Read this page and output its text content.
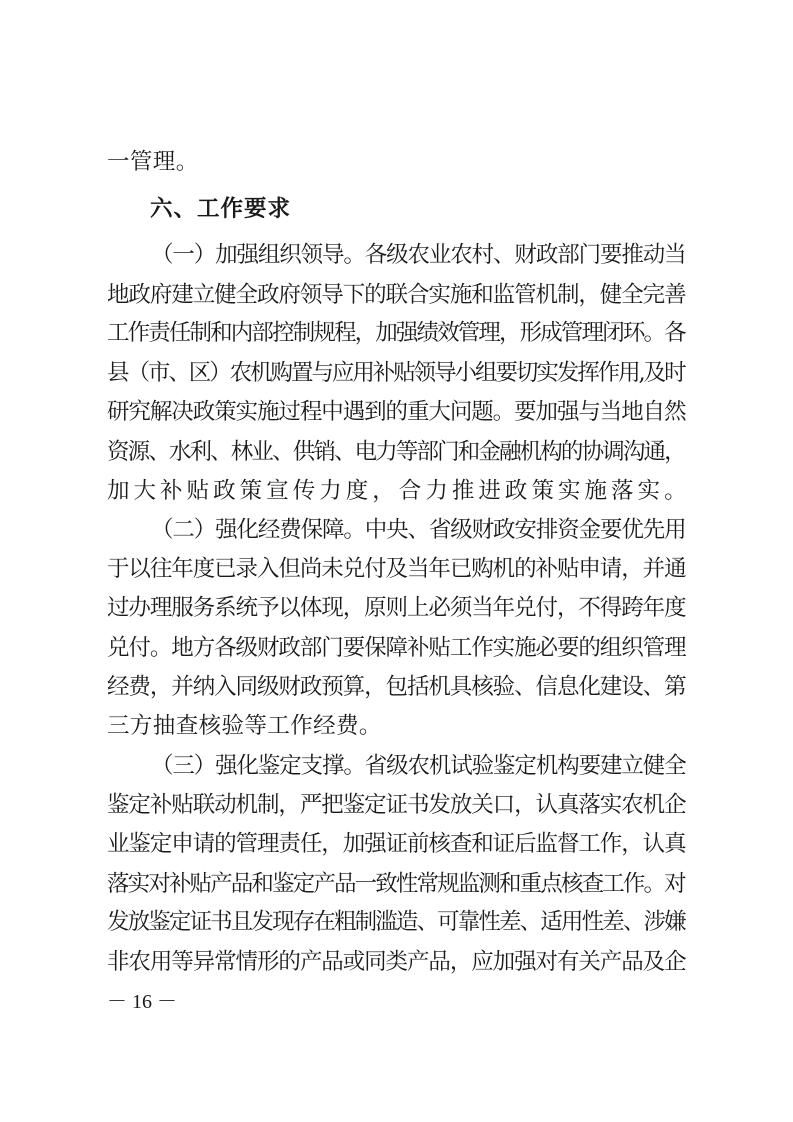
一管理。
六、工作要求
（一）加强组织领导。各级农业农村、财政部门要推动当
地政府建立健全政府领导下的联合实施和监管机制，健全完善
工作责任制和内部控制规程，加强绩效管理，形成管理闭环。各
县（市、区）农机购置与应用补贴领导小组要切实发挥作用,及时
研究解决政策实施过程中遇到的重大问题。要加强与当地自然
资源、水利、林业、供销、电力等部门和金融机构的协调沟通，
加大补贴政策宣传力度，合力推进政策实施落实。
（二）强化经费保障。中央、省级财政安排资金要优先用
于以往年度已录入但尚未兑付及当年已购机的补贴申请，并通
过办理服务系统予以体现，原则上必须当年兑付，不得跨年度
兑付。地方各级财政部门要保障补贴工作实施必要的组织管理
经费，并纳入同级财政预算，包括机具核验、信息化建设、第
三方抽查核验等工作经费。
（三）强化鉴定支撑。省级农机试验鉴定机构要建立健全
鉴定补贴联动机制，严把鉴定证书发放关口，认真落实农机企
业鉴定申请的管理责任，加强证前核查和证后监督工作，认真
落实对补贴产品和鉴定产品一致性常规监测和重点核查工作。对
发放鉴定证书且发现存在粗制滥造、可靠性差、适用性差、涉嫌
非农用等异常情形的产品或同类产品，应加强对有关产品及企
－ 16 －
